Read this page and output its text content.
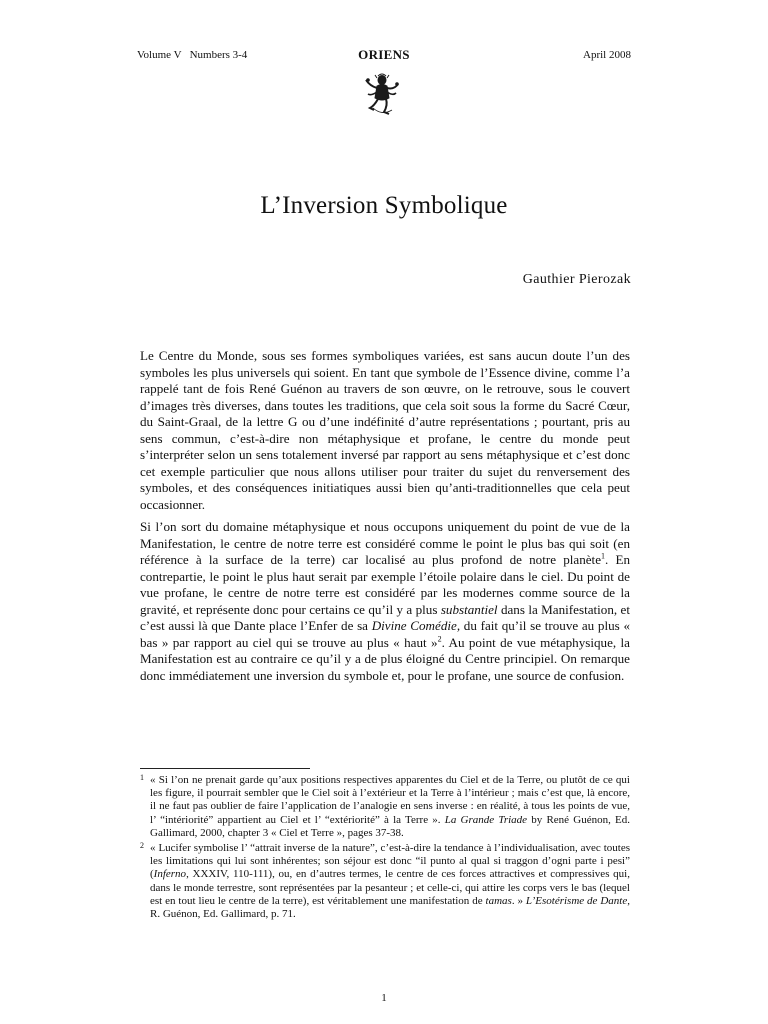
Volume V   Numbers 3-4	ORIENS	April 2008
L’Inversion Symbolique
Gauthier Pierozak

Le Centre du Monde, sous ses formes symboliques variées, est sans aucun doute l’un des symboles les plus universels qui soient. En tant que symbole de l’Essence divine, comme l’a rappelé tant de fois René Guénon au travers de son œuvre, on le retrouve, sous le couvert d’images très diverses, dans toutes les traditions, que cela soit sous la forme du Sacré Cœur, du Saint-Graal, de la lettre G ou d’une indéfinité d’autre représentations ; pourtant, pris au sens commun, c’est-à-dire non métaphysique et profane, le centre du monde peut s’interpréter selon un sens totalement inversé par rapport au sens métaphysique et c’est donc cet exemple particulier que nous allons utiliser pour traiter du sujet du renversement des symboles, et des conséquences initiatiques aussi bien qu’anti-traditionnelles que cela peut occasionner.

Si l’on sort du domaine métaphysique et nous occupons uniquement du point de vue de la Manifestation, le centre de notre terre est considéré comme le point le plus bas qui soit (en référence à la surface de la terre) car localisé au plus profond de notre planète$^1$. En contrepartie, le point le plus haut serait par exemple l’étoile polaire dans le ciel. Du point de vue profane, le centre de notre terre est considéré par les modernes comme source de la gravité, et représente donc pour certains ce qu’il y a plus substantiel dans la Manifestation, et c’est aussi là que Dante place l’Enfer de sa Divine Comédie, du fait qu’il se trouve au plus « bas » par rapport au ciel qui se trouve au plus « haut »$^2$. Au point de vue métaphysique, la Manifestation est au contraire ce qu’il y a de plus éloigné du Centre principiel. On remarque donc immédiatement une inversion du symbole et, pour le profane, une source de confusion.

1 « Si l’on ne prenait garde qu’aux positions respectives apparentes du Ciel et de la Terre, ou plutôt de ce qui les figure, il pourrait sembler que le Ciel soit à l’extérieur et la Terre à l’intérieur ; mais c’est que, là encore, il ne faut pas oublier de faire l’application de l’analogie en sens inverse : en réalité, à tous les points de vue, l’ “intériorité” appartient au Ciel et l’ “extériorité” à la Terre ». La Grande Triade by René Guénon, Ed. Gallimard, 2000, chapter 3 « Ciel et Terre », pages 37-38.
2 « Lucifer symbolise l’ “attrait inverse de la nature”, c’est-à-dire la tendance à l’individualisation, avec toutes les limitations qui lui sont inhérentes; son séjour est donc “il punto al qual si traggon d’ogni parte i pesi” (Inferno, XXXIV, 110-111), ou, en d’autres termes, le centre de ces forces attractives et compressives qui, dans le monde terrestre, sont représentées par la pesanteur ; et celle-ci, qui attire les corps vers le bas (lequel est en tout lieu le centre de la terre), est véritablement une manifestation de tamas. » L’Esotérisme de Dante, R. Guénon, Ed. Gallimard, p. 71.
1
